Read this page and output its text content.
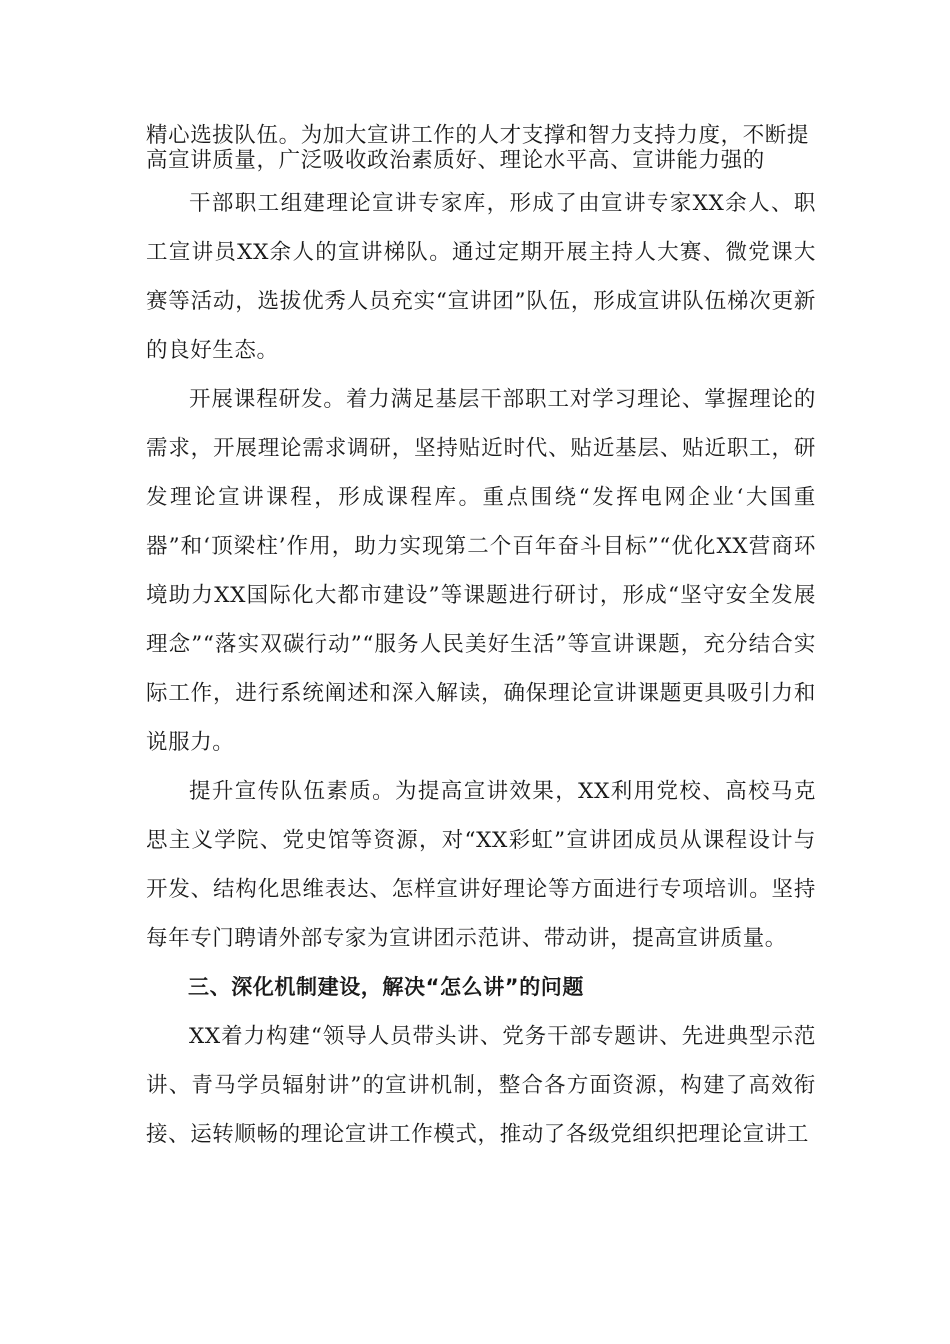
精心选拔队伍。为加大宣讲工作的人才支撑和智力支持力度，不断提
高宣讲质量，广泛吸收政治素质好、理论水平高、宣讲能力强的

干部职工组建理论宣讲专家库，形成了由宣讲专家XX余人、职工宣讲员XX余人的宣讲梯队。通过定期开展主持人大赛、微党课大赛等活动，选拔优秀人员充实“宣讲团”队伍，形成宣讲队伍梯次更新的良好生态。

开展课程研发。着力满足基层干部职工对学习理论、掌握理论的需求，开展理论需求调研，坚持贴近时代、贴近基层、贴近职工，研发理论宣讲课程，形成课程库。重点围绕“发挥电网企业‘大国重器”和‘顶梁柱’作用，助力实现第二个百年奋斗目标”“优化XX营商环境助力XX国际化大都市建设”等课题进行研讨，形成“坚守安全发展理念”“落实双碳行动”“服务人民美好生活”等宣讲课题，充分结合实际工作，进行系统阐述和深入解读，确保理论宣讲课题更具吸引力和说服力。

提升宣传队伍素质。为提高宣讲效果，XX利用党校、高校马克思主义学院、党史馆等资源，对“XX彩虹”宣讲团成员从课程设计与开发、结构化思维表达、怎样宣讲好理论等方面进行专项培训。坚持每年专门聘请外部专家为宣讲团示范讲、带动讲，提高宣讲质量。

三、深化机制建设，解决“怎么讲”的问题

XX着力构建“领导人员带头讲、党务干部专题讲、先进典型示范讲、青马学员辐射讲”的宣讲机制，整合各方面资源，构建了高效衔接、运转顺畅的理论宣讲工作模式，推动了各级党组织把理论宣讲工
